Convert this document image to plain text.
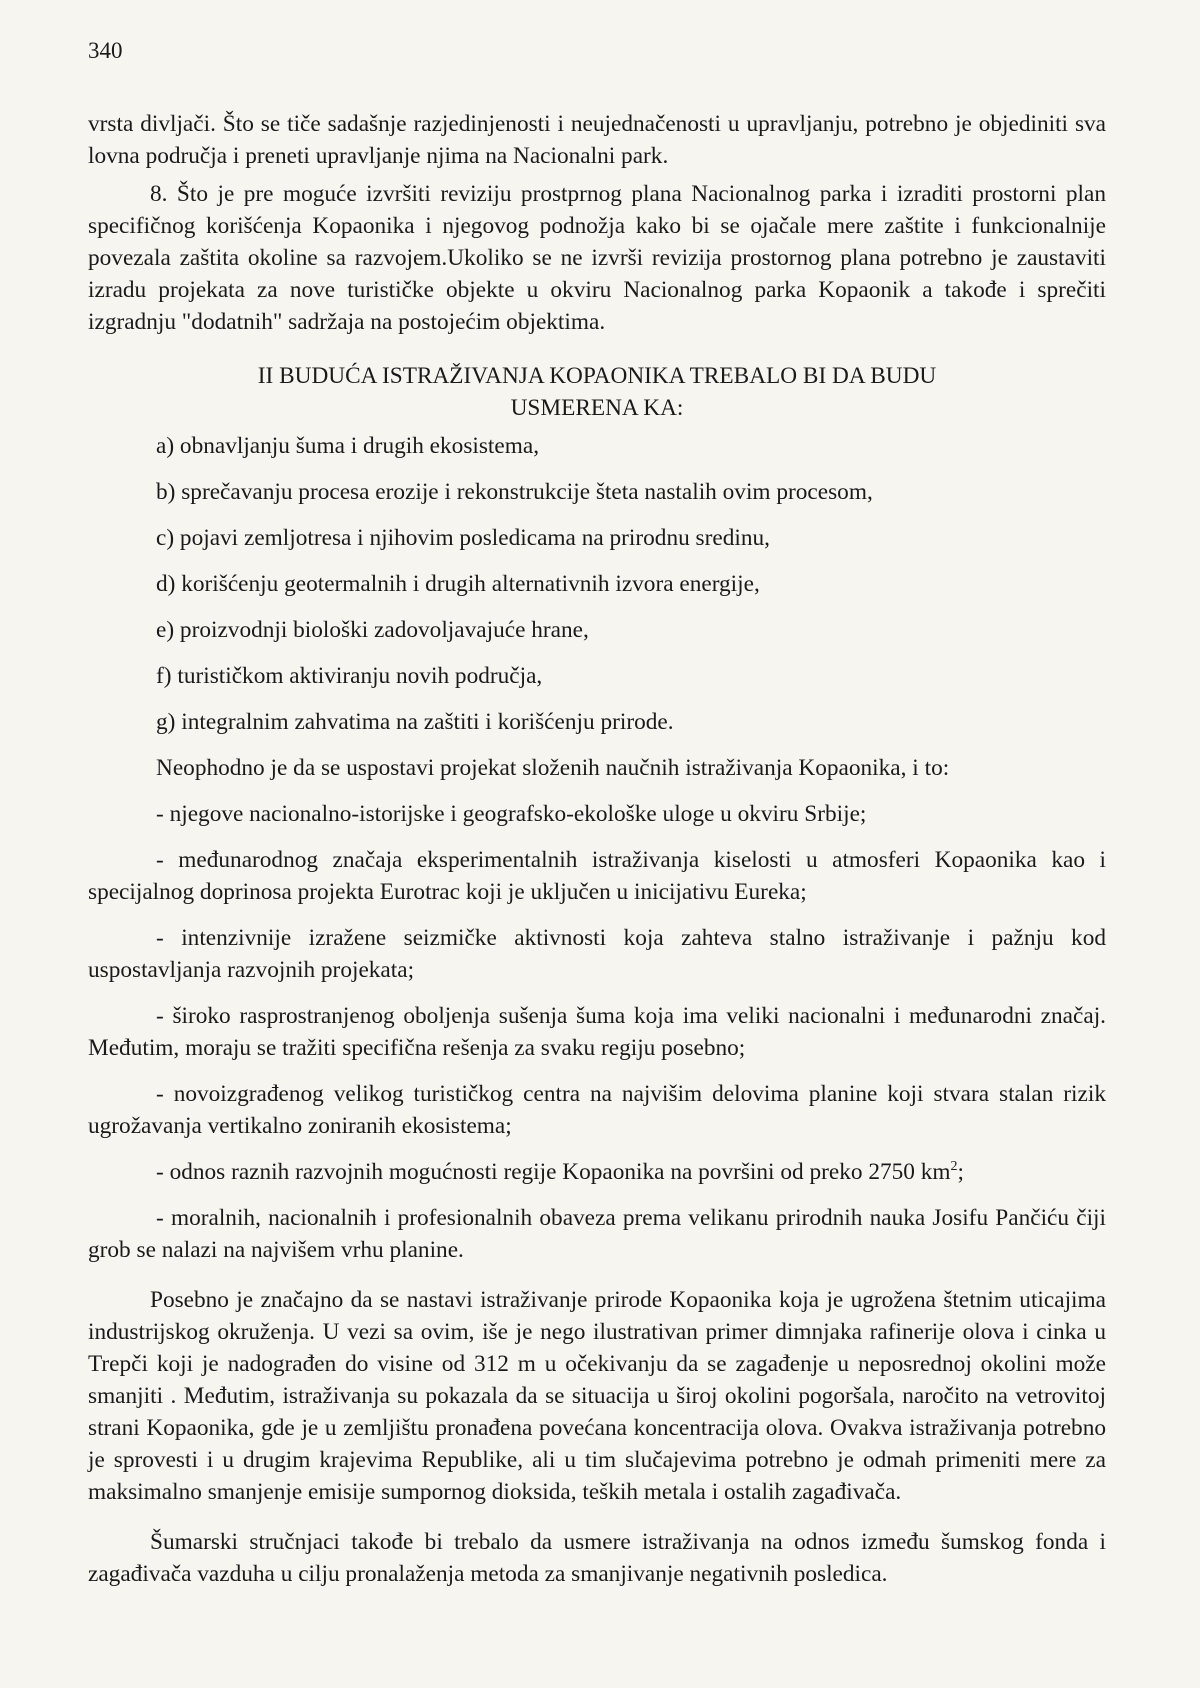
340

vrsta divljači. Što se tiče sadašnje razjedinjenosti i neujednačenosti u upravljanju, potrebno je objediniti sva lovna područja i preneti upravljanje njima na Nacionalni park.

8. Što je pre moguće izvršiti reviziju prostprnog plana Nacionalnog parka i izraditi prostorni plan specifičnog korišćenja Kopaonika i njegovog podnožja kako bi se ojačale mere zaštite i funkcionalnije povezala zaštita okoline sa razvojem.Ukoliko se ne izvrši revizija prostornog plana potrebno je zaustaviti izradu projekata za nove turističke objekte u okviru Nacionalnog parka Kopaonik a takođe i sprečiti izgradnju "dodatnih" sadržaja na postojećim objektima.

II BUDUĆA ISTRAŽIVANJA KOPAONIKA TREBALO BI DA BUDU
USMERENA KA:

a) obnavljanju šuma i drugih ekosistema,

b) sprečavanju procesa erozije i rekonstrukcije šteta nastalih ovim procesom,

c) pojavi zemljotresa i njihovim posledicama na prirodnu sredinu,

d) korišćenju geotermalnih i drugih alternativnih izvora energije,

e) proizvodnji biološki zadovoljavajuće hrane,

f) turističkom aktiviranju novih područja,

g) integralnim zahvatima na zaštiti i korišćenju prirode.

Neophodno je da se uspostavi projekat složenih naučnih istraživanja Kopaonika, i to:

- njegove nacionalno-istorijske i geografsko-ekološke uloge u okviru Srbije;

- međunarodnog značaja eksperimentalnih istraživanja kiselosti u atmosferi Kopaonika kao i specijalnog doprinosa projekta Eurotrac koji je uključen u inicijativu Eureka;

- intenzivnije izražene seizmičke aktivnosti koja zahteva stalno istraživanje i pažnju kod uspostavljanja razvojnih projekata;

- široko rasprostranjenog oboljenja sušenja šuma koja ima veliki nacionalni i međunarodni značaj. Međutim, moraju se tražiti specifična rešenja za svaku regiju posebno;

- novoizgrađenog velikog turističkog centra na najvišim delovima planine koji stvara stalan rizik ugrožavanja vertikalno zoniranih ekosistema;

- odnos raznih razvojnih mogućnosti regije Kopaonika na površini od preko 2750 $km^2$;

- moralnih, nacionalnih i profesionalnih obaveza prema velikanu prirodnih nauka Josifu Pančiću čiji grob se nalazi na najvišem vrhu planine.

Posebno je značajno da se nastavi istraživanje prirode Kopaonika koja je ugrožena štetnim uticajima industrijskog okruženja. U vezi sa ovim, iše je nego ilustrativan primer dimnjaka rafinerije olova i cinka u Trepči koji je nadograđen do visine od 312 m u očekivanju da se zagađenje u neposrednoj okolini može smanjiti . Međutim, istraživanja su pokazala da se situacija u široj okolini pogoršala, naročito na vetrovitoj strani Kopaonika, gde je u zemljištu pronađena povećana koncentracija olova. Ovakva istraživanja potrebno je sprovesti i u drugim krajevima Republike, ali u tim slučajevima potrebno je odmah primeniti mere za maksimalno smanjenje emisije sumpornog dioksida, teških metala i ostalih zagađivača.

Šumarski stručnjaci takođe bi trebalo da usmere istraživanja na odnos između šumskog fonda i zagađivača vazduha u cilju pronalaženja metoda za smanjivanje negativnih posledica.
